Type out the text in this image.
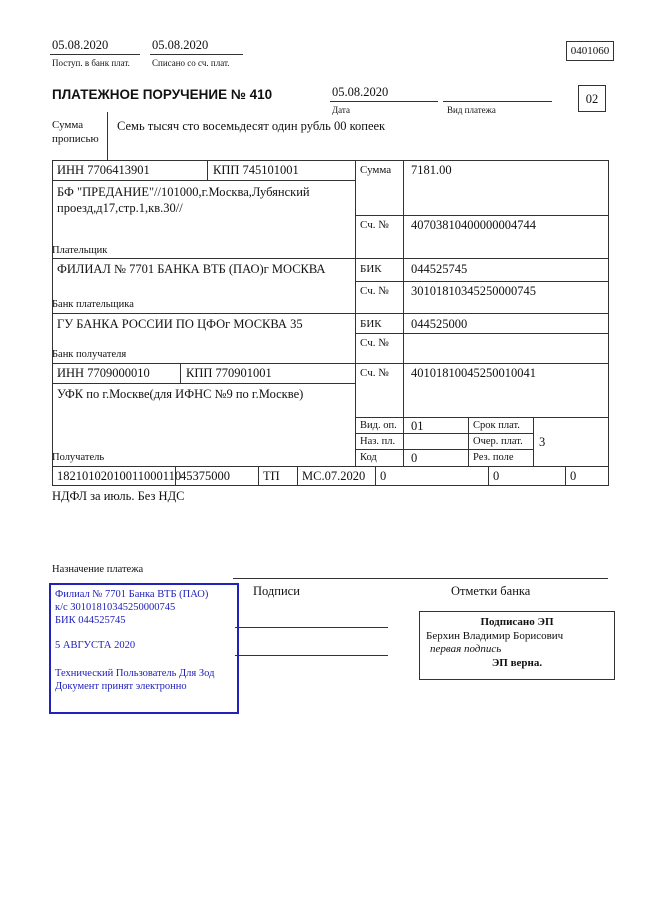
05.08.2020
Поступ. в банк плат.
05.08.2020
Списано со сч. плат.
0401060
ПЛАТЕЖНОЕ ПОРУЧЕНИЕ № 410	05.08.2020
Дата	Вид платежа
02
Сумма
прописью
Семь тысяч сто восемьдесят один рубль 00 копеек
ИНН 7706413901	КПП 745101001	Сумма 7181.00
БФ "ПРЕДАНИЕ"//101000,г.Москва,Лубянский проезд,д17,стр.1,кв.30//
Сч. № 40703810400000004744
Плательщик
ФИЛИАЛ № 7701 БАНКА ВТБ (ПАО)г МОСКВА	БИК 044525745
Сч. № 30101810345250000745
Банк плательщика
ГУ БАНКА РОССИИ ПО ЦФОг МОСКВА 35	БИК 044525000
Сч. №
Банк получателя
ИНН 7709000010	КПП 770901001	Сч. № 40101810045250010041
УФК по г.Москве(для ИФНС №9 по г.Москве)
Получатель
Вид. оп. 01	Срок плат.
Наз. пл.	Очер. плат. 3
Код	0	Рез. поле
18210102010011000110
45375000	ТП МС.07.2020 0	0	0
НДФЛ за июль. Без НДС
Назначение платежа
Подписи	Отметки банка
Филиал № 7701 Банка ВТБ (ПАО)
к/с 30101810345250000745
БИК 044525745
5 АВГУСТА 2020
Технический Пользователь Для Зод
Документ принят электронно
Подписано ЭП
Берхин Владимир Борисович
первая подпись
ЭП верна.
